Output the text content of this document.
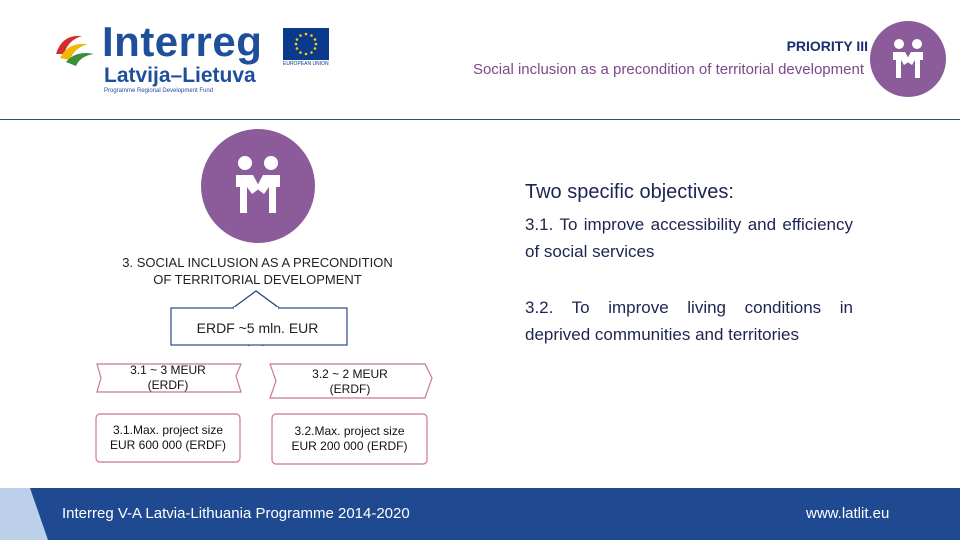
Interreg
Latvija–Lietuva
Programme Regional Development Fund
EUROPEAN UNION
PRIORITY III
Social inclusion as a precondition of territorial development
3. SOCIAL INCLUSION AS A PRECONDITION
OF TERRITORIAL DEVELOPMENT
ERDF ~5 mln. EUR
3.1 ~ 3 MEUR
(ERDF)
3.2 ~ 2 MEUR
(ERDF)
3.1.Max. project size
EUR 600 000 (ERDF)
3.2.Max. project size
EUR 200 000 (ERDF)
Two specific objectives:
3.1. To improve accessibility and efficiency of social services
3.2. To improve living conditions in deprived communities and territories
Interreg V-A Latvia-Lithuania Programme 2014-2020	www.latlit.eu
